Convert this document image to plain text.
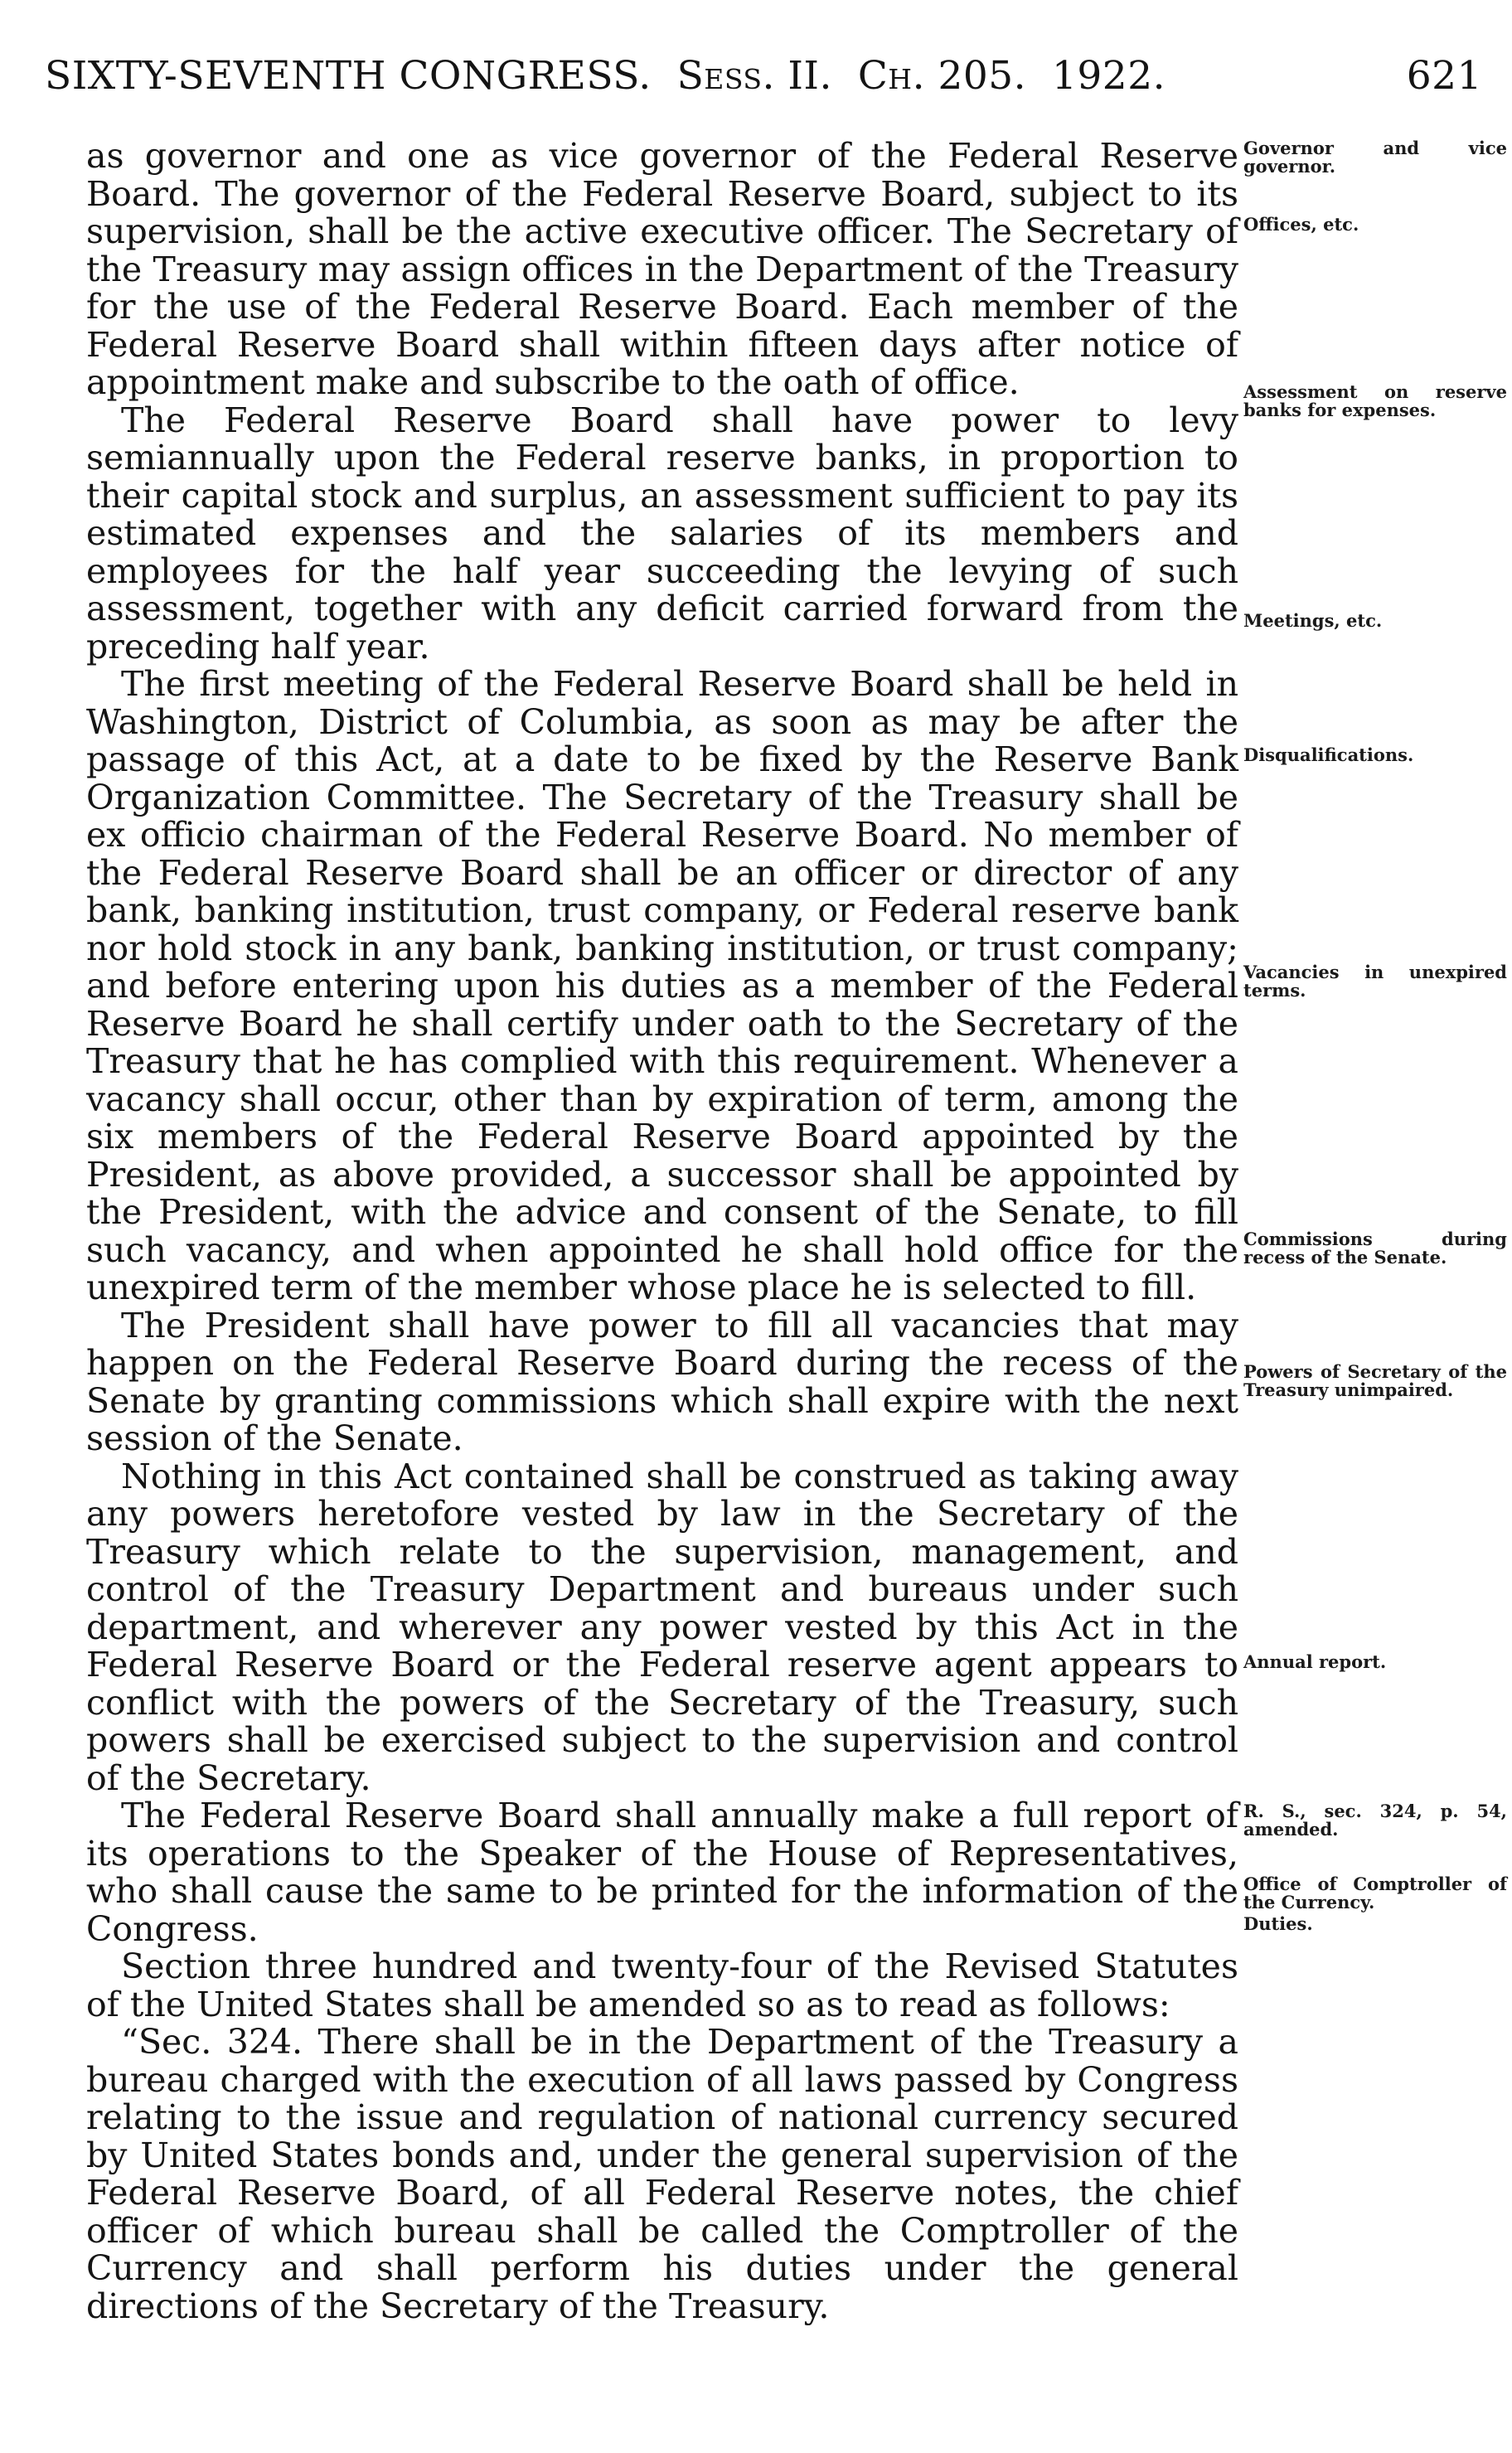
SIXTY-SEVENTH CONGRESS. Sess. II. Ch. 205. 1922.	621

as governor and one as vice governor of the Federal Reserve Board. The governor of the Federal Reserve Board, subject to its supervision, shall be the active executive officer. The Secretary of the Treasury may assign offices in the Department of the Treasury for the use of the Federal Reserve Board. Each member of the Federal Reserve Board shall within fifteen days after notice of appointment make and subscribe to the oath of office.

The Federal Reserve Board shall have power to levy semiannually upon the Federal reserve banks, in proportion to their capital stock and surplus, an assessment sufficient to pay its estimated expenses and the salaries of its members and employees for the half year succeeding the levying of such assessment, together with any deficit carried forward from the preceding half year.

The first meeting of the Federal Reserve Board shall be held in Washington, District of Columbia, as soon as may be after the passage of this Act, at a date to be fixed by the Reserve Bank Organization Committee. The Secretary of the Treasury shall be ex officio chairman of the Federal Reserve Board. No member of the Federal Reserve Board shall be an officer or director of any bank, banking institution, trust company, or Federal reserve bank nor hold stock in any bank, banking institution, or trust company; and before entering upon his duties as a member of the Federal Reserve Board he shall certify under oath to the Secretary of the Treasury that he has complied with this requirement. Whenever a vacancy shall occur, other than by expiration of term, among the six members of the Federal Reserve Board appointed by the President, as above provided, a successor shall be appointed by the President, with the advice and consent of the Senate, to fill such vacancy, and when appointed he shall hold office for the unexpired term of the member whose place he is selected to fill.

The President shall have power to fill all vacancies that may happen on the Federal Reserve Board during the recess of the Senate by granting commissions which shall expire with the next session of the Senate.

Nothing in this Act contained shall be construed as taking away any powers heretofore vested by law in the Secretary of the Treasury which relate to the supervision, management, and control of the Treasury Department and bureaus under such department, and wherever any power vested by this Act in the Federal Reserve Board or the Federal reserve agent appears to conflict with the powers of the Secretary of the Treasury, such powers shall be exercised subject to the supervision and control of the Secretary.

The Federal Reserve Board shall annually make a full report of its operations to the Speaker of the House of Representatives, who shall cause the same to be printed for the information of the Congress.

Section three hundred and twenty-four of the Revised Statutes of the United States shall be amended so as to read as follows:

“Sec. 324. There shall be in the Department of the Treasury a bureau charged with the execution of all laws passed by Congress relating to the issue and regulation of national currency secured by United States bonds and, under the general supervision of the Federal Reserve Board, of all Federal Reserve notes, the chief officer of which bureau shall be called the Comptroller of the Currency and shall perform his duties under the general directions of the Secretary of the Treasury.

Governor and vice governor.
Offices, etc.
Assessment on reserve banks for expenses.
Meetings, etc.
Disqualifications.
Vacancies in unexpired terms.
Commissions during recess of the Senate.
Powers of Secretary of the Treasury unimpaired.
Annual report.
R. S., sec. 324, p. 54, amended.
Office of Comptroller of the Currency.
Duties.
